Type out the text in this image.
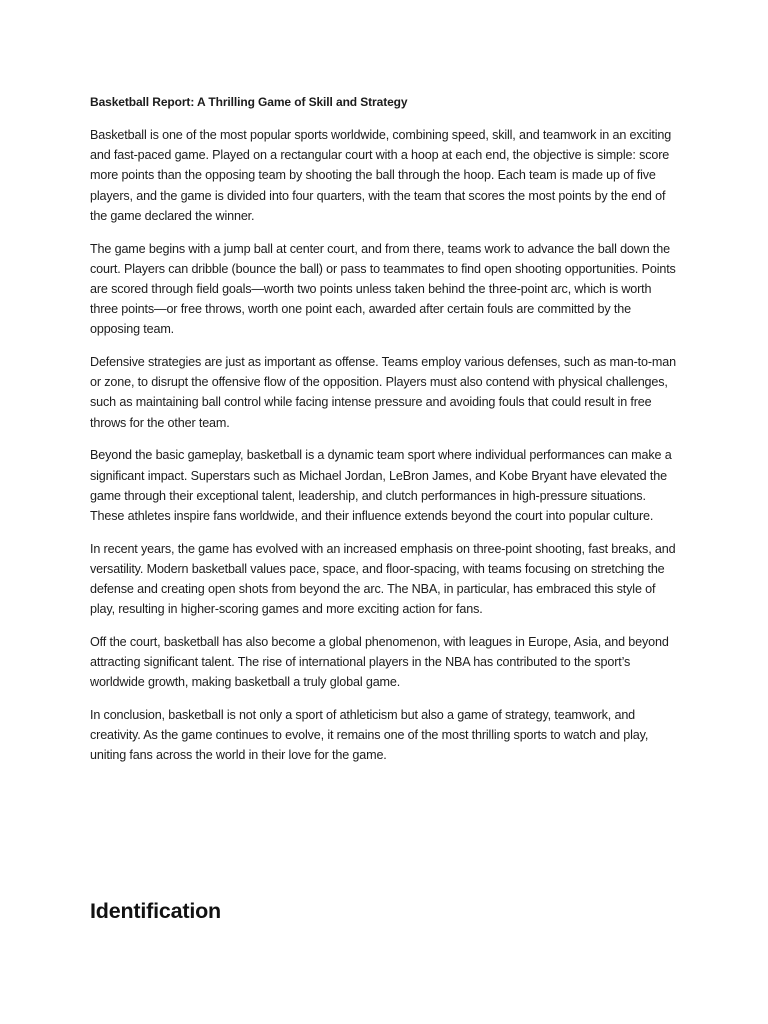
Basketball Report: A Thrilling Game of Skill and Strategy

Basketball is one of the most popular sports worldwide, combining speed, skill, and teamwork in an exciting and fast-paced game. Played on a rectangular court with a hoop at each end, the objective is simple: score more points than the opposing team by shooting the ball through the hoop. Each team is made up of five players, and the game is divided into four quarters, with the team that scores the most points by the end of the game declared the winner.

The game begins with a jump ball at center court, and from there, teams work to advance the ball down the court. Players can dribble (bounce the ball) or pass to teammates to find open shooting opportunities. Points are scored through field goals—worth two points unless taken behind the three-point arc, which is worth three points—or free throws, worth one point each, awarded after certain fouls are committed by the opposing team.

Defensive strategies are just as important as offense. Teams employ various defenses, such as man-to-man or zone, to disrupt the offensive flow of the opposition. Players must also contend with physical challenges, such as maintaining ball control while facing intense pressure and avoiding fouls that could result in free throws for the other team.

Beyond the basic gameplay, basketball is a dynamic team sport where individual performances can make a significant impact. Superstars such as Michael Jordan, LeBron James, and Kobe Bryant have elevated the game through their exceptional talent, leadership, and clutch performances in high-pressure situations. These athletes inspire fans worldwide, and their influence extends beyond the court into popular culture.

In recent years, the game has evolved with an increased emphasis on three-point shooting, fast breaks, and versatility. Modern basketball values pace, space, and floor-spacing, with teams focusing on stretching the defense and creating open shots from beyond the arc. The NBA, in particular, has embraced this style of play, resulting in higher-scoring games and more exciting action for fans.

Off the court, basketball has also become a global phenomenon, with leagues in Europe, Asia, and beyond attracting significant talent. The rise of international players in the NBA has contributed to the sport’s worldwide growth, making basketball a truly global game.

In conclusion, basketball is not only a sport of athleticism but also a game of strategy, teamwork, and creativity. As the game continues to evolve, it remains one of the most thrilling sports to watch and play, uniting fans across the world in their love for the game.

Identification
